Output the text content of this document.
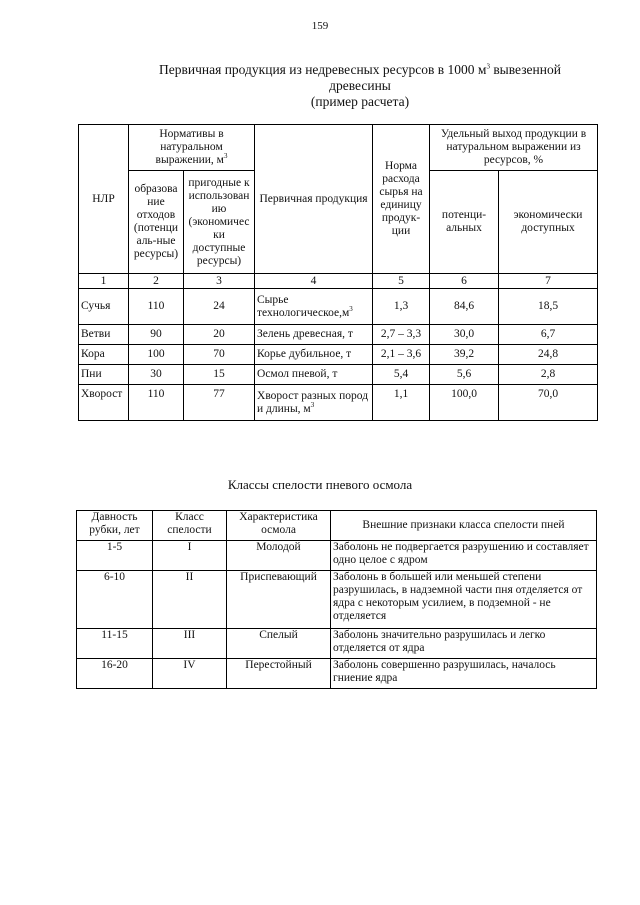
159
Первичная продукция из недревесных ресурсов в 1000 $м^3$ вывезенной
древесины
(пример расчета)
НЛР	Нормативы в натуральном выражении, $м^3$		Первичная продукция	Норма расхода сырья на единицу продук-ции	Удельный выход продукции в натуральном выражении из ресурсов, %	
	образова ние отходов (потенци аль-ные ресурсы)	пригодные к использован ию (экономичес ки доступные ресурсы)			потенци-альных	экономически доступных
1	2	3	4	5	6	7
Сучья	110	24	Сырье $технологическое,м^3$	1,3	84,6	18,5
Ветви	90	20	Зелень древесная, т	2,7 – 3,3	30,0	6,7
Кора	100	70	Корье дубильное, т	2,1 – 3,6	39,2	24,8
Пни	30	15	Осмол пневой, т	5,4	5,6	2,8
Хворост	110	77	Хворост разных пород и длины, $м^3$	1,1	100,0	70,0
Классы спелости пневого осмола
Давность рубки, лет	Класс спелости	Характеристика осмола	Внешние признаки класса спелости пней
1-5	I	Молодой	Заболонь не подвергается разрушению и составляет одно целое с ядром
6-10	II	Приспевающий	Заболонь в большей или меньшей степени разрушилась, в надземной части пня отделяется от ядра с некоторым усилием, в подземной - не отделяется
11-15	III	Спелый	Заболонь значительно разрушилась и легко отделяется от ядра
16-20	IV	Перестойный	Заболонь совершенно разрушилась, началось гниение ядра
